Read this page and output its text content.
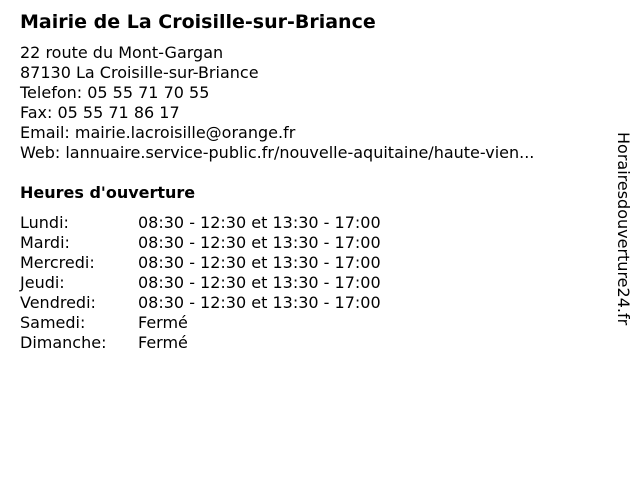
Mairie de La Croisille-sur-Briance
22 route du Mont-Gargan
87130 La Croisille-sur-Briance
Telefon: 05 55 71 70 55
Fax: 05 55 71 86 17
Email: mairie.lacroisille@orange.fr
Web: lannuaire.service-public.fr/nouvelle-aquitaine/haute-vien...
Heures d'ouverture
Lundi:	08:30 - 12:30 et 13:30 - 17:00
Mardi:	08:30 - 12:30 et 13:30 - 17:00
Mercredi:	08:30 - 12:30 et 13:30 - 17:00
Jeudi:	08:30 - 12:30 et 13:30 - 17:00
Vendredi:	08:30 - 12:30 et 13:30 - 17:00
Samedi:	Fermé
Dimanche: Fermé
Horairesdouverture24.fr
